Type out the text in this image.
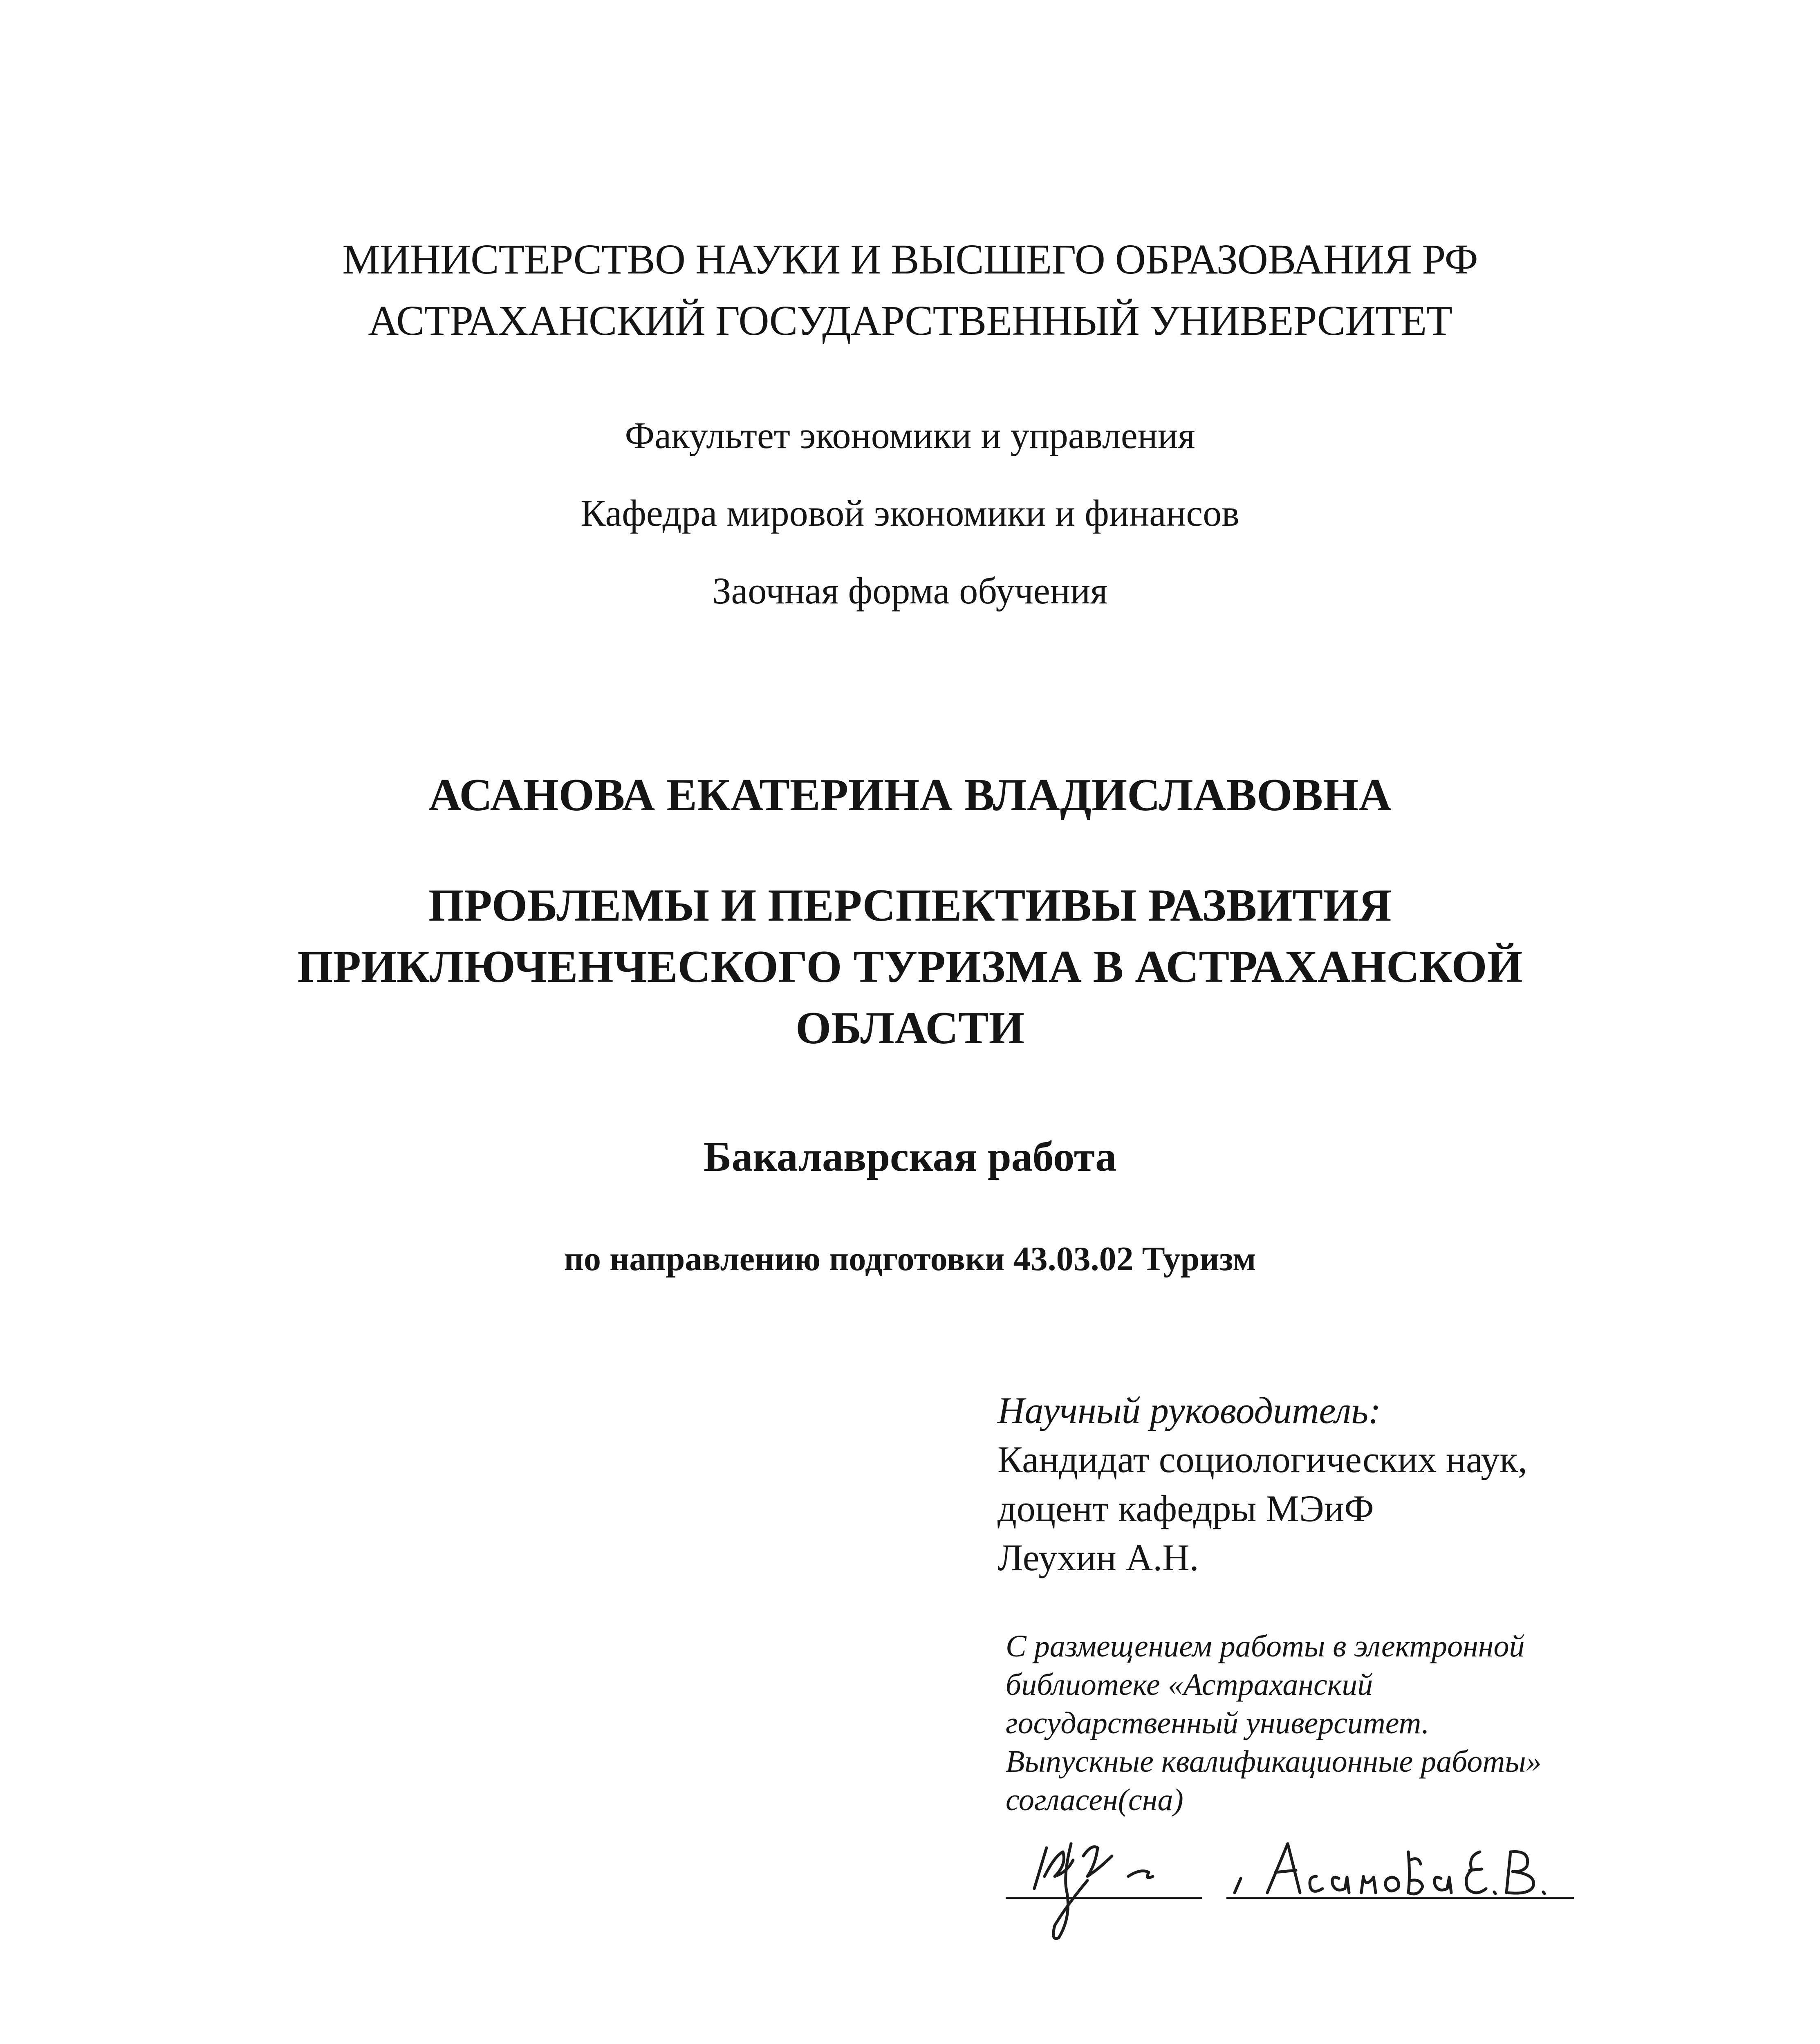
МИНИСТЕРСТВО НАУКИ И ВЫСШЕГО ОБРАЗОВАНИЯ РФ
АСТРАХАНСКИЙ ГОСУДАРСТВЕННЫЙ УНИВЕРСИТЕТ
Факультет экономики и управления
Кафедра мировой экономики и финансов
Заочная форма обучения
АСАНОВА ЕКАТЕРИНА ВЛАДИСЛАВОВНА
ПРОБЛЕМЫ И ПЕРСПЕКТИВЫ РАЗВИТИЯ
ПРИКЛЮЧЕНЧЕСКОГО ТУРИЗМА В АСТРАХАНСКОЙ
ОБЛАСТИ
Бакалаврская работа
по направлению подготовки 43.03.02 Туризм
Научный руководитель:
Кандидат социологических наук,
доцент кафедры МЭиФ
Леухин А.Н.
С размещением работы в электронной
библиотеке «Астраханский
государственный университет.
Выпускные квалификационные работы»
согласен(сна)
